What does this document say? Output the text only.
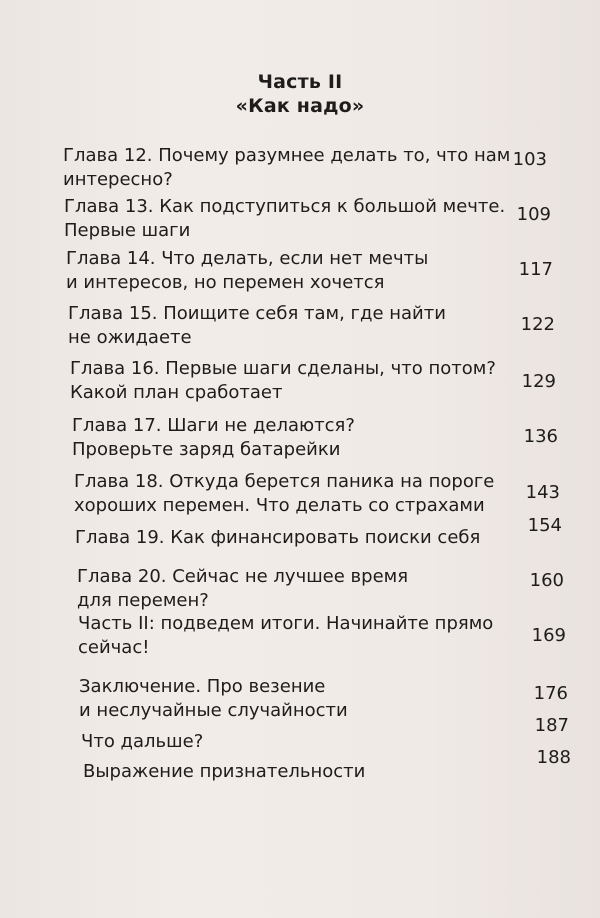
Часть II
«Как надо»
Глава 12. Почему разумнее делать то, что нам
интересно?
103
Глава 13. Как подступиться к большой мечте.
Первые шаги
109
Глава 14. Что делать, если нет мечты
и интересов, но перемен хочется
117
Глава 15. Поищите себя там, где найти
не ожидаете
122
Глава 16. Первые шаги сделаны, что потом?
Какой план сработает
129
Глава 17. Шаги не делаются?
Проверьте заряд батарейки
136
Глава 18. Откуда берется паника на пороге
хороших перемен. Что делать со страхами
143
Глава 19. Как финансировать поиски себя
154
Глава 20. Сейчас не лучшее время
для перемен?
160
Часть II: подведем итоги. Начинайте прямо
сейчас!
169
Заключение. Про везение
и неслучайные случайности
176
Что дальше?
187
Выражение признательности
188
